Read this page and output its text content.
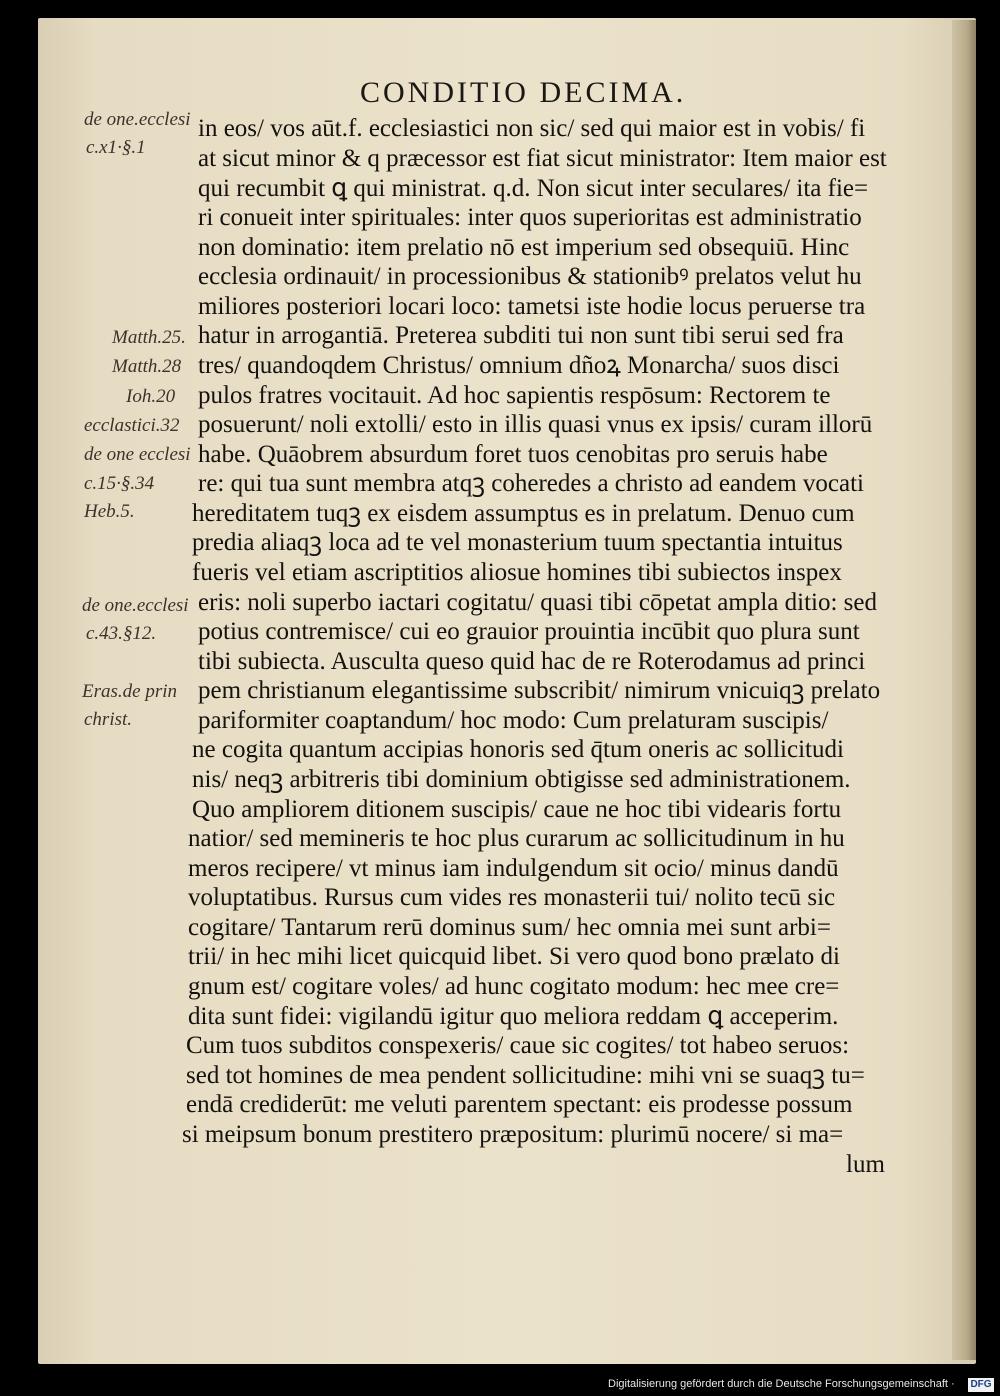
CONDITIO DECIMA.
in eos/ vos aūt.f. ecclesiastici non sic/ sed qui maior est in vobis/ fi
at sicut minor & q præcessor est fiat sicut ministrator: Item maior est
qui recumbit ꝗ qui ministrat. q.d. Non sicut inter seculares/ ita fie=
ri conueit inter spirituales: inter quos superioritas est administratio
non dominatio: item prelatio nō est imperium sed obsequiū. Hinc
ecclesia ordinauit/ in processionibus & stationibꝰ prelatos velut hu
miliores posteriori locari loco: tametsi iste hodie locus peruerse tra
hatur in arrogantiā. Preterea subditi tui non sunt tibi serui sed fra
tres/ quandoqdem Christus/ omnium dñoꝝ Monarcha/ suos disci
pulos fratres vocitauit. Ad hoc sapientis respōsum: Rectorem te
posuerunt/ noli extolli/ esto in illis quasi vnus ex ipsis/ curam illorū
habe. Quāobrem absurdum foret tuos cenobitas pro seruis habe
re: qui tua sunt membra atqꝫ coheredes a christo ad eandem vocati
hereditatem tuqꝫ ex eisdem assumptus es in prelatum. Denuo cum
predia aliaqꝫ loca ad te vel monasterium tuum spectantia intuitus
fueris vel etiam ascriptitios aliosue homines tibi subiectos inspex
eris: noli superbo iactari cogitatu/ quasi tibi cōpetat ampla ditio: sed
potius contremisce/ cui eo grauior prouintia incūbit quo plura sunt
tibi subiecta. Ausculta queso quid hac de re Roterodamus ad princi
pem christianum elegantissime subscribit/ nimirum vnicuiqꝫ prelato
pariformiter coaptandum/ hoc modo: Cum prelaturam suscipis/
ne cogita quantum accipias honoris sed q̄tum oneris ac sollicitudi
nis/ neqꝫ arbitreris tibi dominium obtigisse sed administrationem.
Quo ampliorem ditionem suscipis/ caue ne hoc tibi videaris fortu
natior/ sed memineris te hoc plus curarum ac sollicitudinum in hu
meros recipere/ vt minus iam indulgendum sit ocio/ minus dandū
voluptatibus. Rursus cum vides res monasterii tui/ nolito tecū sic
cogitare/ Tantarum rerū dominus sum/ hec omnia mei sunt arbi=
trii/ in hec mihi licet quicquid libet. Si vero quod bono prælato di
gnum est/ cogitare voles/ ad hunc cogitato modum: hec mee cre=
dita sunt fidei: vigilandū igitur quo meliora reddam ꝗ acceperim.
Cum tuos subditos conspexeris/ caue sic cogites/ tot habeo seruos:
sed tot homines de mea pendent sollicitudine: mihi vni se suaqꝫ tu=
endā crediderūt: me veluti parentem spectant: eis prodesse possum
si meipsum bonum prestitero præpositum: plurimū nocere/ si ma=
lum
de one.ecclesi
c.x1·§.1
Matth.25.
Matth.28
Ioh.20
ecclastici.32
de one ecclesi
c.15·§.34
Heb.5.
de one.ecclesi
c.43.§12.
Eras.de prin
christ.
Digitalisierung gefördert durch die Deutsche Forschungsgemeinschaft · DFG
